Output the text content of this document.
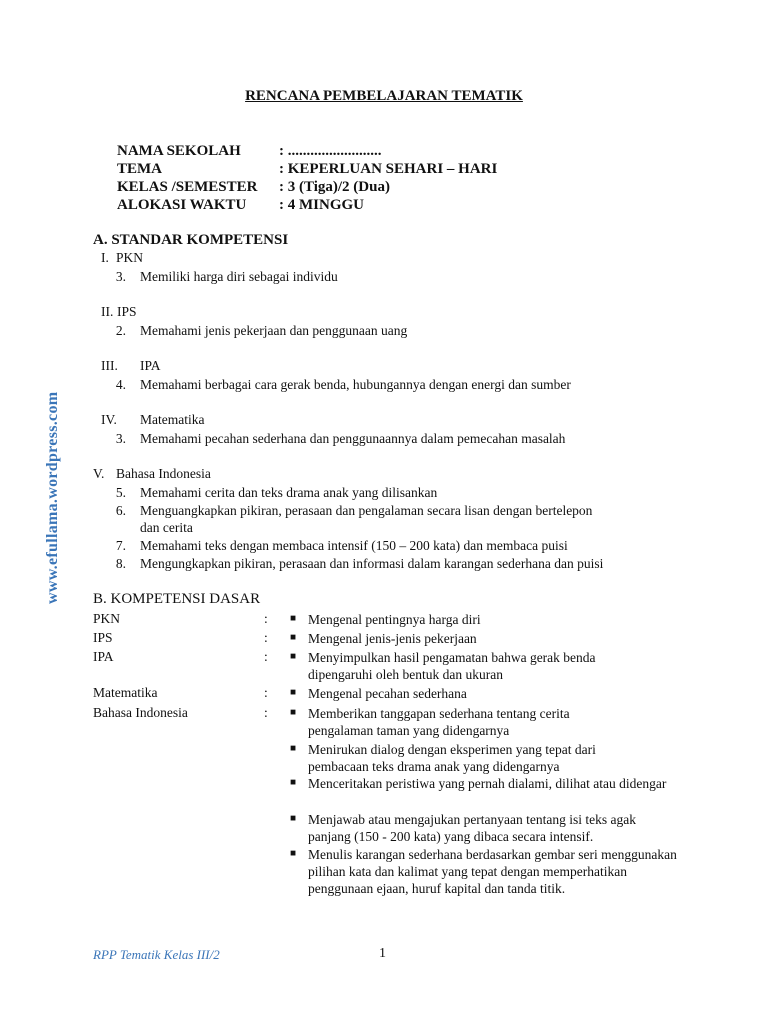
RENCANA PEMBELAJARAN TEMATIK
NAMA SEKOLAH	: .........................
TEMA	: KEPERLUAN SEHARI – HARI
KELAS /SEMESTER : 3 (Tiga)/2 (Dua)
ALOKASI WAKTU : 4 MINGGU
A. STANDAR KOMPETENSI
I. PKN
3. Memiliki harga diri sebagai individu
II. IPS
2. Memahami jenis pekerjaan dan penggunaan uang
III. IPA
4. Memahami berbagai cara gerak benda, hubungannya dengan energi dan sumber
IV. Matematika
3. Memahami pecahan sederhana dan penggunaannya dalam pemecahan masalah
V. Bahasa Indonesia
5. Memahami cerita dan teks drama anak yang dilisankan
6. Menguangkapkan pikiran, perasaan dan pengalaman secara lisan dengan bertelepon
dan cerita
7. Memahami teks dengan membaca intensif (150 – 200 kata) dan membaca puisi
8. Mengungkapkan pikiran, perasaan dan informasi dalam karangan sederhana dan puisi
B. KOMPETENSI DASAR
PKN	: ■ Mengenal pentingnya harga diri
IPS	: ■ Mengenal jenis-jenis pekerjaan
IPA	: ■ Menyimpulkan hasil pengamatan bahwa gerak benda dipengaruhi oleh bentuk dan ukuran
Matematika	: ■ Mengenal pecahan sederhana
Bahasa Indonesia	: ■ Memberikan tanggapan sederhana tentang cerita pengalaman taman yang didengarnya
■ Menirukan dialog dengan eksperimen yang tepat dari pembacaan teks drama anak yang didengarnya
■ Menceritakan peristiwa yang pernah dialami, dilihat atau didengar
■ Menjawab atau mengajukan pertanyaan tentang isi teks agak panjang (150 - 200 kata) yang dibaca secara intensif.
■ Menulis karangan sederhana berdasarkan gembar seri menggunakan pilihan kata dan kalimat yang tepat dengan memperhatikan penggunaan ejaan, huruf kapital dan tanda titik.
www.efullama.wordpress.com
RPP Tematik Kelas III/2	1
